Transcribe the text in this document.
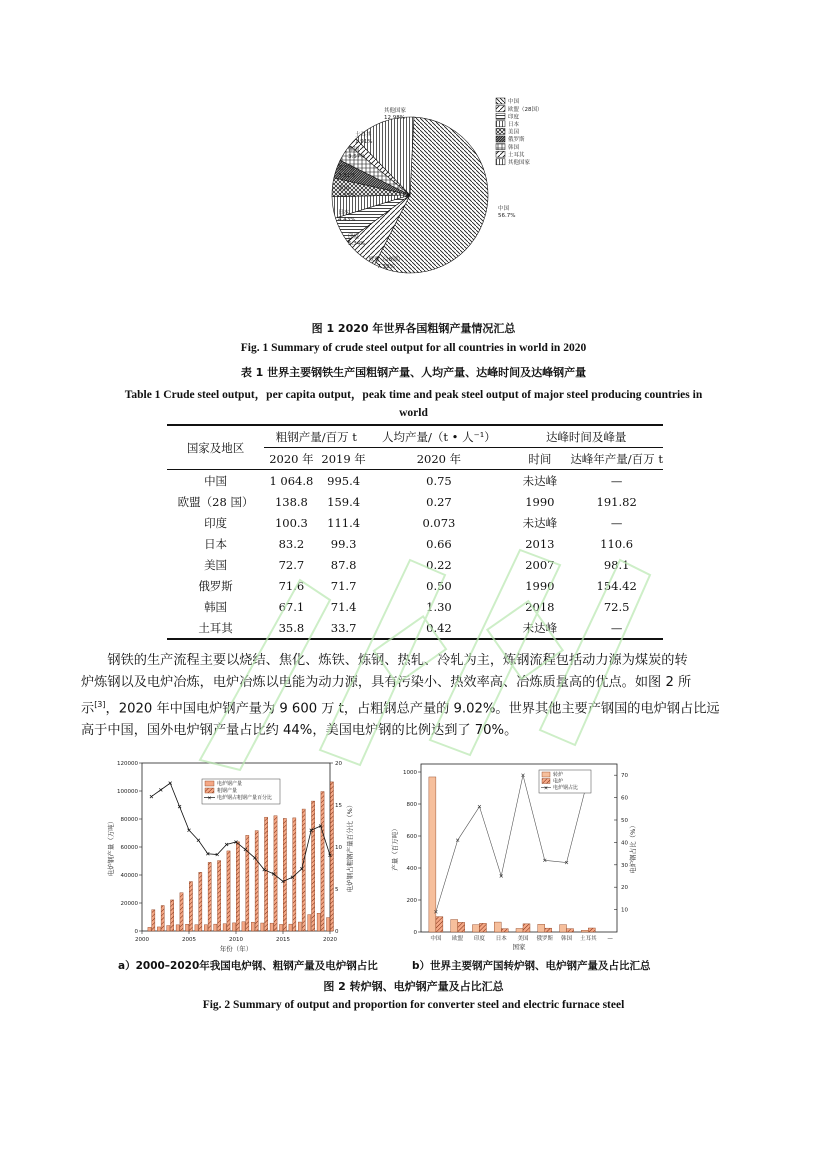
中国 56.7%
欧盟（28国） 7.39%
印度 5.34%
日本 4.43%
美国 3.87%
俄罗斯 3.81%
韩国 3.57%
土耳其 1.91%
其他国家 12.98%
中国
欧盟（28国）
印度
日本
美国
俄罗斯
韩国
土耳其
其他国家
图 1 2020 年世界各国粗钢产量情况汇总
Fig. 1 Summary of crude steel output for all countries in world in 2020
表 1 世界主要钢铁生产国粗钢产量、人均产量、达峰时间及达峰钢产量
Table 1 Crude steel output，per capita output，peak time and peak steel output of major steel producing countries in
world
国家及地区	粗钢产量/百万 t		人均产量/（t • 人⁻¹）	达峰时间及峰量	
	2020 年	2019 年	2020 年	时间	达峰年产量/百万 t
中国	1 064.8	995.4	0.75	未达峰	—
欧盟（28 国）	138.8	159.4	0.27	1990	191.82
印度	100.3	111.4	0.073	未达峰	—
日本	83.2	99.3	0.66	2013	110.6
美国	72.7	87.8	0.22	2007	98.1
俄罗斯	71.6	71.7	0.50	1990	154.42
韩国	67.1	71.4	1.30	2018	72.5
土耳其	35.8	33.7	0.42	未达峰	—

钢铁的生产流程主要以烧结、焦化、炼铁、炼钢、热轧、冷轧为主，炼钢流程包括动力源为煤炭的转

炉炼钢以及电炉冶炼，电炉冶炼以电能为动力源，具有污染小、热效率高、冶炼质量高的优点。如图 2 所
示[3]，2020 年中国电炉钢产量为 9 600 万 t，占粗钢总产量的 9.02%。世界其他主要产钢国的电炉钢占比远
高于中国，国外电炉钢产量占比约 44%，美国电炉钢的比例达到了 70%。
0
20000
40000
60000
80000
100000
120000
0
5
10
15
20
2000	2005	2010	2015	2020
电炉钢产量
粗钢产量
× 电炉钢占粗钢产量百分比
年份（年）
电炉钢产量（万吨）	电炉钢占粗钢产量百分比（%）
0
200
400
600
800
1000
10
20
30
40
50
60
70
中国 欧盟 印度 日本 美国 俄罗斯 韩国 土耳其 —
转炉
电炉
× 电炉钢占比
国家
产量（百万吨）	电炉钢占比（%）
a）2000–2020年我国电炉钢、粗钢产量及电炉钢占比	b）世界主要钢产国转炉钢、电炉钢产量及占比汇总
图 2 转炉钢、电炉钢产量及占比汇总
Fig. 2 Summary of output and proportion for converter steel and electric furnace steel
